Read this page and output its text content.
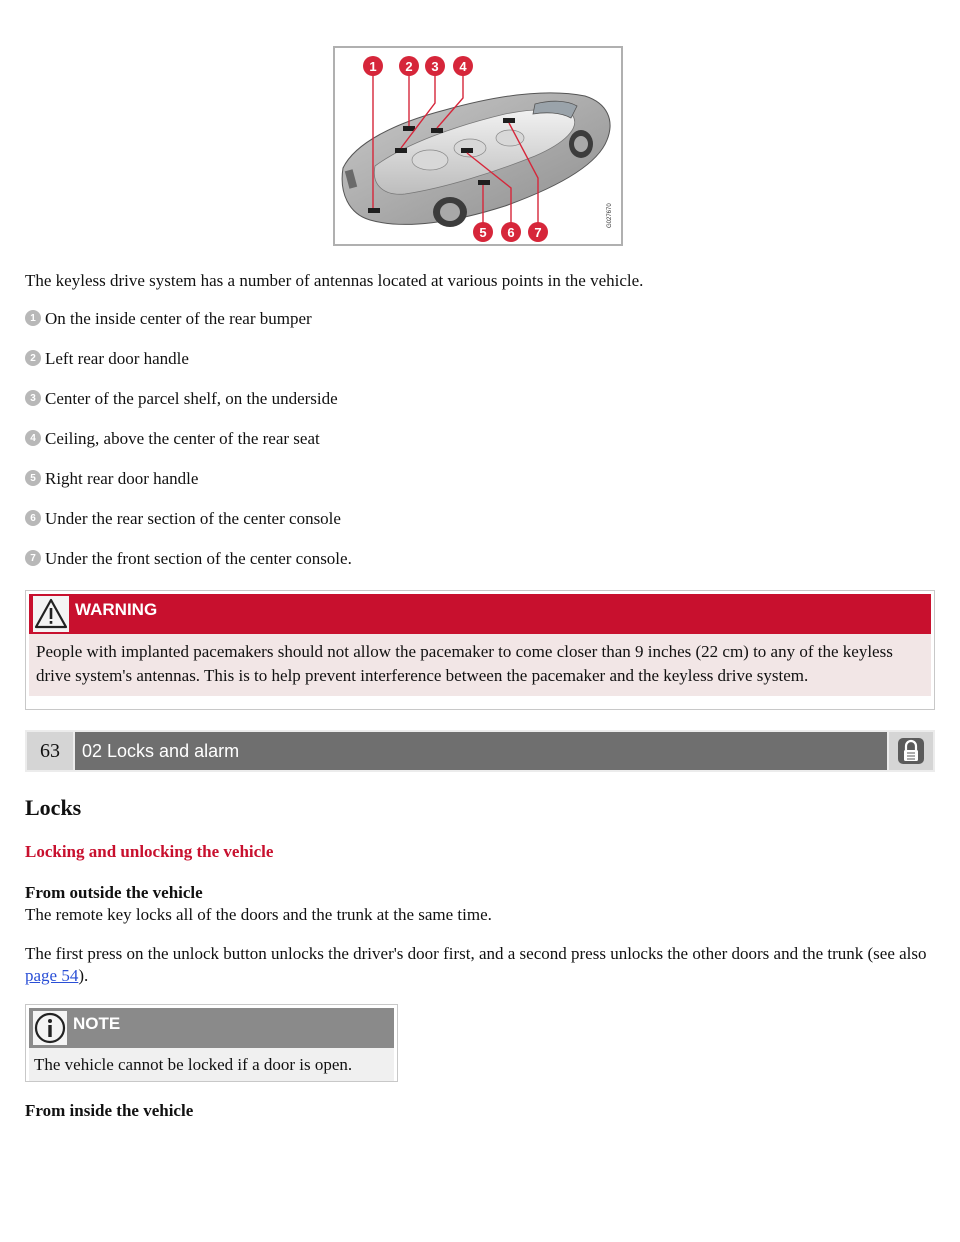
1 2 3 4
5 6 7
G027670

The keyless drive system has a number of antennas located at various points in the vehicle.

1 On the inside center of the rear bumper
2 Left rear door handle
3 Center of the parcel shelf, on the underside
4 Ceiling, above the center of the rear seat
5 Right rear door handle
6 Under the rear section of the center console
7 Under the front section of the center console.
WARNING
People with implanted pacemakers should not allow the pacemaker to come closer than 9 inches (22 cm) to any of the keyless drive system's antennas. This is to help prevent interference between the pacemaker and the keyless drive system.
63	02 Locks and alarm
Locks
Locking and unlocking the vehicle

From outside the vehicle

The remote key locks all of the doors and the trunk at the same time.

The first press on the unlock button unlocks the driver's door first, and a second press unlocks the other doors and the trunk (see also page 54).

NOTE
The vehicle cannot be locked if a door is open.

From inside the vehicle
